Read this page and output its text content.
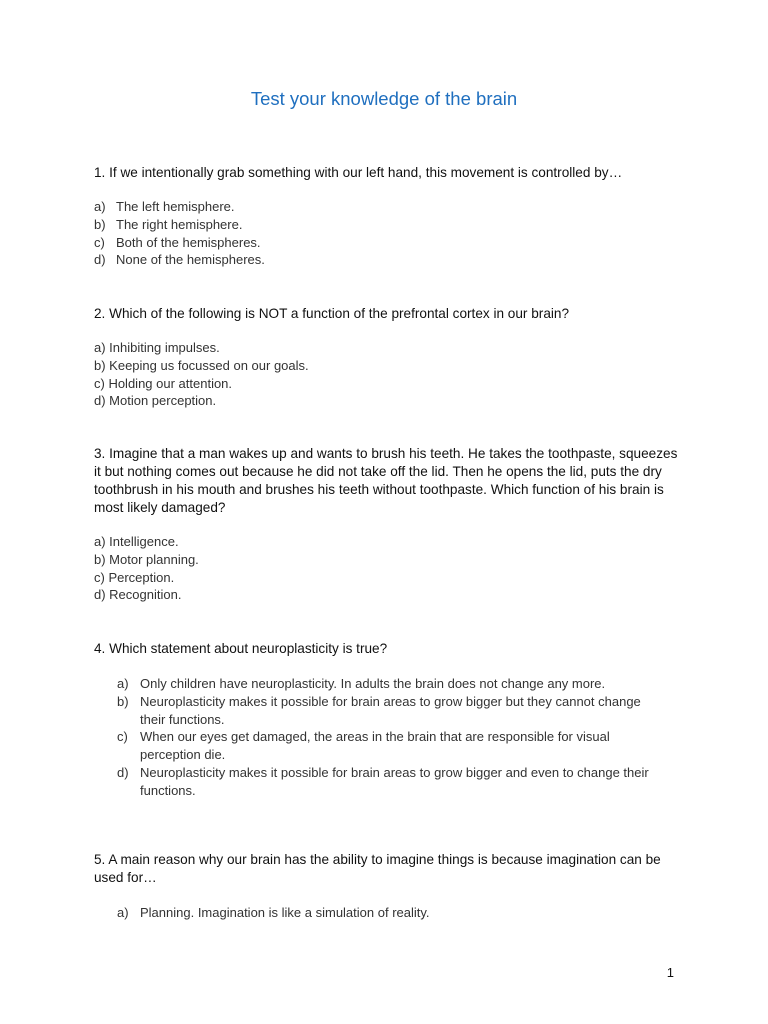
Test your knowledge of the brain
1. If we intentionally grab something with our left hand, this movement is controlled by…
a) The left hemisphere.
b) The right hemisphere.
c) Both of the hemispheres.
d) None of the hemispheres.
2. Which of the following is NOT a function of the prefrontal cortex in our brain?
a) Inhibiting impulses.
b) Keeping us focussed on our goals.
c) Holding our attention.
d) Motion perception.
3. Imagine that a man wakes up and wants to brush his teeth. He takes the toothpaste, squeezes it but nothing comes out because he did not take off the lid. Then he opens the lid, puts the dry toothbrush in his mouth and brushes his teeth without toothpaste. Which function of his brain is most likely damaged?
a) Intelligence.
b) Motor planning.
c) Perception.
d) Recognition.
4. Which statement about neuroplasticity is true?
a) Only children have neuroplasticity. In adults the brain does not change any more.
b) Neuroplasticity makes it possible for brain areas to grow bigger but they cannot change their functions.
c) When our eyes get damaged, the areas in the brain that are responsible for visual perception die.
d) Neuroplasticity makes it possible for brain areas to grow bigger and even to change their functions.
5. A main reason why our brain has the ability to imagine things is because imagination can be used for…
a) Planning. Imagination is like a simulation of reality.
1
